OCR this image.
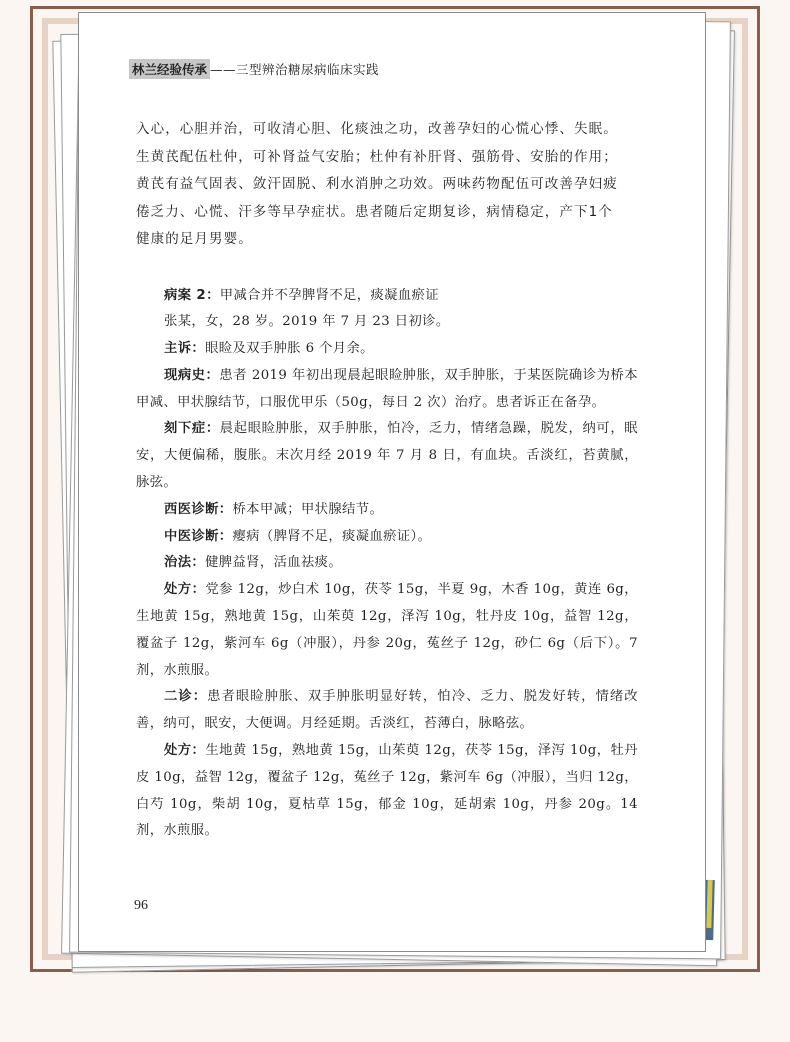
林兰经验传承 ——三型辨治糖尿病临床实践

入心，心胆并治，可收清心胆、化痰浊之功，改善孕妇的心慌心悸、失眠。

生黄芪配伍杜仲，可补肾益气安胎；杜仲有补肝肾、强筋骨、安胎的作用；

黄芪有益气固表、敛汗固脱、利水消肿之功效。两味药物配伍可改善孕妇疲

倦乏力、心慌、汗多等早孕症状。患者随后定期复诊，病情稳定，产下1个

健康的足月男婴。

病案 2：甲减合并不孕脾肾不足，痰凝血瘀证

张某，女，28 岁。2019 年 7 月 23 日初诊。

主诉：眼睑及双手肿胀 6 个月余。

现病史：患者 2019 年初出现晨起眼睑肿胀，双手肿胀，于某医院确诊为桥本甲减、甲状腺结节，口服优甲乐（50g，每日 2 次）治疗。患者诉正在备孕。

刻下症：晨起眼睑肿胀，双手肿胀，怕冷，乏力，情绪急躁，脱发，纳可，眠安，大便偏稀，腹胀。末次月经 2019 年 7 月 8 日，有血块。舌淡红，苔黄腻，脉弦。

西医诊断：桥本甲减；甲状腺结节。

中医诊断：瘿病（脾肾不足，痰凝血瘀证）。

治法：健脾益肾，活血祛痰。

处方：党参 12g，炒白术 10g，茯苓 15g，半夏 9g，木香 10g，黄连 6g，生地黄 15g，熟地黄 15g，山茱萸 12g，泽泻 10g，牡丹皮 10g，益智 12g，覆盆子 12g，紫河车 6g（冲服），丹参 20g，菟丝子 12g，砂仁 6g（后下）。7 剂，水煎服。

二诊：患者眼睑肿胀、双手肿胀明显好转，怕冷、乏力、脱发好转，情绪改善，纳可，眠安，大便调。月经延期。舌淡红，苔薄白，脉略弦。

处方：生地黄 15g，熟地黄 15g，山茱萸 12g，茯苓 15g，泽泻 10g，牡丹皮 10g，益智 12g，覆盆子 12g，菟丝子 12g，紫河车 6g（冲服），当归 12g，白芍 10g，柴胡 10g，夏枯草 15g，郁金 10g，延胡索 10g，丹参 20g。14 剂，水煎服。

96
